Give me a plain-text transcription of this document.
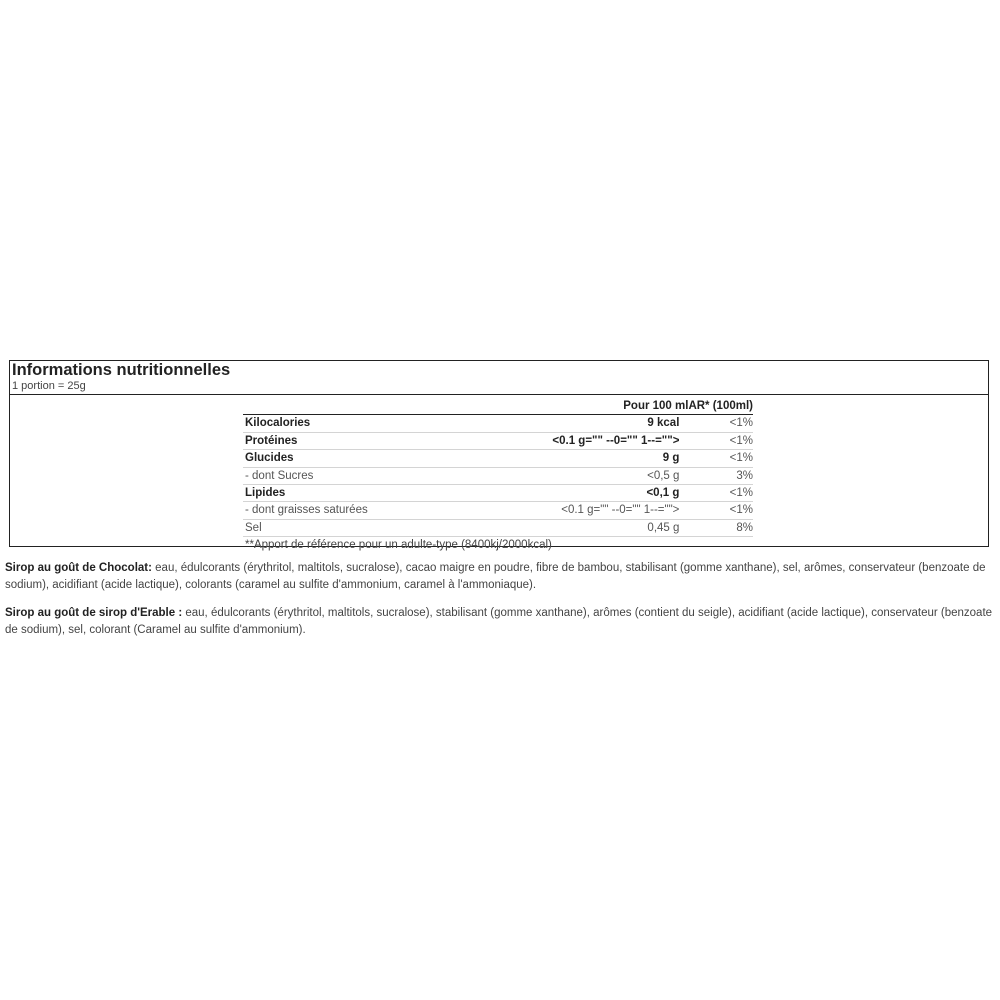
Informations nutritionnelles
1 portion = 25g
	Pour 100 mlAR* (100ml)	
Kilocalories	9 kcal	<1%
Protéines	<0.1 g="" --0="" 1--="">	<1%
Glucides	9 g	<1%
- dont Sucres	<0,5 g	3%
Lipides	<0,1 g	<1%
- dont graisses saturées	<0.1 g="" --0="" 1--="">	<1%
Sel	0,45 g	8%
**Apport de référence pour un adulte-type (8400kj/2000kcal)		
Sirop au goût de Chocolat: eau, édulcorants (érythritol, maltitols, sucralose), cacao maigre en poudre, fibre de bambou, stabilisant (gomme xanthane), sel, arômes, conservateur (benzoate de sodium), acidifiant (acide lactique), colorants (caramel au sulfite d'ammonium, caramel à l'ammoniaque).
Sirop au goût de sirop d'Erable : eau, édulcorants (érythritol, maltitols, sucralose), stabilisant (gomme xanthane), arômes (contient du seigle), acidifiant (acide lactique), conservateur (benzoate de sodium), sel, colorant (Caramel au sulfite d'ammonium).
